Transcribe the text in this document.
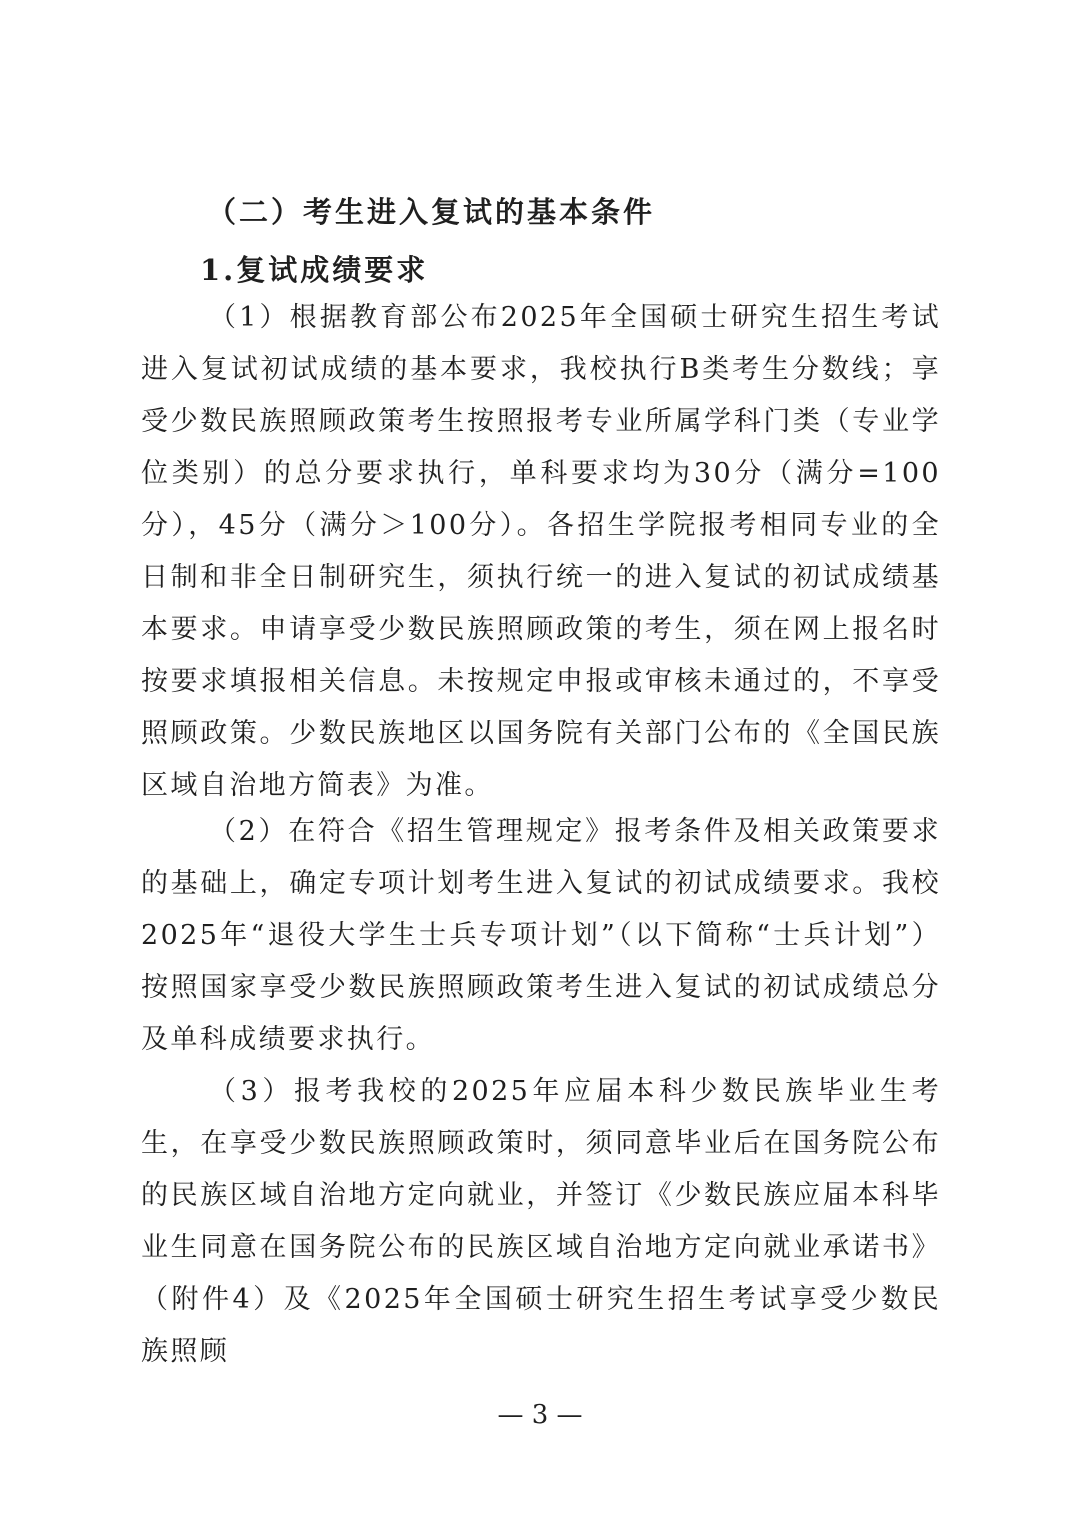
（二）考生进入复试的基本条件
1.复试成绩要求

（1）根据教育部公布2025年全国硕士研究生招生考试进入复试初试成绩的基本要求，我校执行B类考生分数线；享受少数民族照顾政策考生按照报考专业所属学科门类（专业学位类别）的总分要求执行，单科要求均为30分（满分=100分），45分（满分＞100分）。各招生学院报考相同专业的全日制和非全日制研究生，须执行统一的进入复试的初试成绩基本要求。申请享受少数民族照顾政策的考生，须在网上报名时按要求填报相关信息。未按规定申报或审核未通过的，不享受照顾政策。少数民族地区以国务院有关部门公布的《全国民族区域自治地方简表》为准。

（2）在符合《招生管理规定》报考条件及相关政策要求的基础上，确定专项计划考生进入复试的初试成绩要求。我校2025年“退役大学生士兵专项计划”（以下简称“士兵计划”）按照国家享受少数民族照顾政策考生进入复试的初试成绩总分及单科成绩要求执行。

（3）报考我校的2025年应届本科少数民族毕业生考生，在享受少数民族照顾政策时，须同意毕业后在国务院公布的民族区域自治地方定向就业，并签订《少数民族应届本科毕业生同意在国务院公布的民族区域自治地方定向就业承诺书》（附件4）及《2025年全国硕士研究生招生考试享受少数民族照顾

— 3 —
